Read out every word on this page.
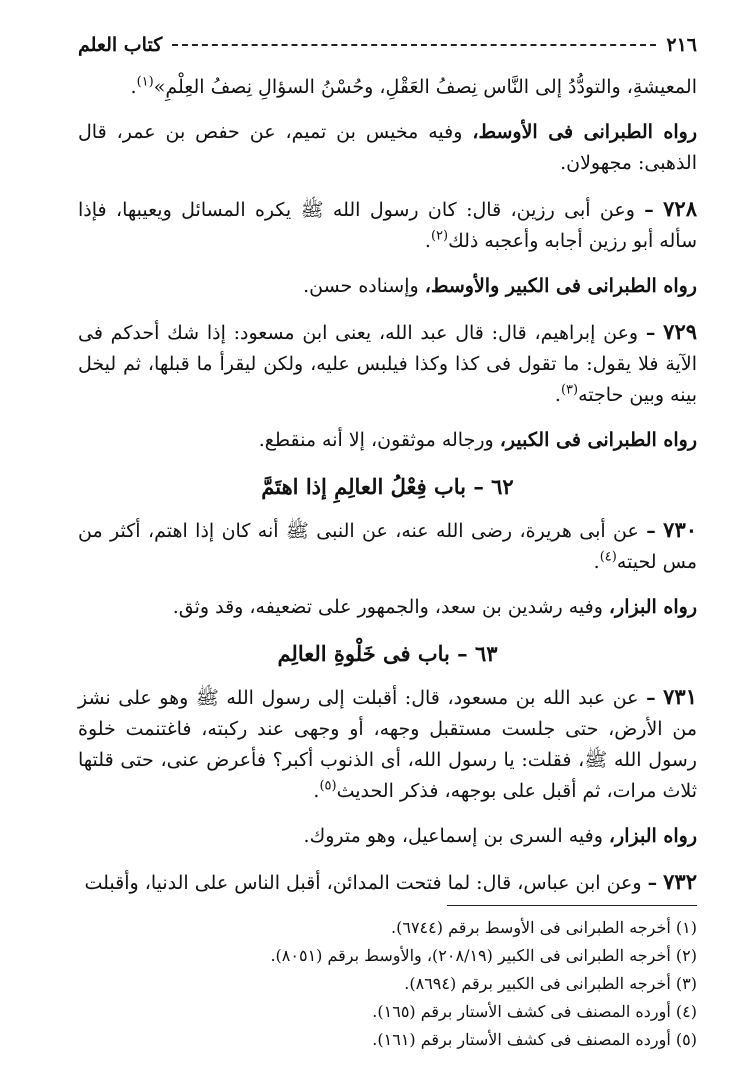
٢١٦
كتاب العلم

المعيشةِ، والتودُّدُ إلى النَّاس نِصفُ العَقْلِ، وحُسْنُ السؤالِ نِصفُ العِلْمِ»$^{(١)}$.

رواه الطبرانى فى الأوسط، وفيه مخيس بن تميم، عن حفص بن عمر، قال الذهبى: مجهولان.

٧٢٨ – وعن أبى رزين، قال: كان رسول الله ﷺ يكره المسائل ويعيبها، فإذا سأله أبو رزين أجابه وأعجبه ذلك$^{(٢)}$.

رواه الطبرانى فى الكبير والأوسط، وإسناده حسن.

٧٢٩ – وعن إبراهيم، قال: قال عبد الله، يعنى ابن مسعود: إذا شك أحدكم فى الآية فلا يقول: ما تقول فى كذا وكذا فيلبس عليه، ولكن ليقرأ ما قبلها، ثم ليخل بينه وبين حاجته$^{(٣)}$.

رواه الطبرانى فى الكبير، ورجاله موثقون، إلا أنه منقطع.

٦٢ – باب فِعْلُ العالِمِ إذا اهتَمَّ

٧٣٠ – عن أبى هريرة، رضى الله عنه، عن النبى ﷺ أنه كان إذا اهتم، أكثر من مس لحيته$^{(٤)}$.

رواه البزار، وفيه رشدين بن سعد، والجمهور على تضعيفه، وقد وثق.

٦٣ – باب فى خَلْوةِ العالِم

٧٣١ – عن عبد الله بن مسعود، قال: أقبلت إلى رسول الله ﷺ وهو على نشز من الأرض، حتى جلست مستقبل وجهه، أو وجهى عند ركبته، فاغتنمت خلوة رسول الله ﷺ، فقلت: يا رسول الله، أى الذنوب أكبر؟ فأعرض عنى، حتى قلتها ثلاث مرات، ثم أقبل على بوجهه، فذكر الحديث$^{(٥)}$.

رواه البزار، وفيه السرى بن إسماعيل، وهو متروك.

٧٣٢ – وعن ابن عباس، قال: لما فتحت المدائن، أقبل الناس على الدنيا، وأقبلت

(١) أخرجه الطبرانى فى الأوسط برقم (٦٧٤٤).

(٢) أخرجه الطبرانى فى الكبير (٢٠٨/١٩)، والأوسط برقم (٨٠٥١).

(٣) أخرجه الطبرانى فى الكبير برقم (٨٦٩٤).

(٤) أورده المصنف فى كشف الأستار برقم (١٦٥).

(٥) أورده المصنف فى كشف الأستار برقم (١٦١).
